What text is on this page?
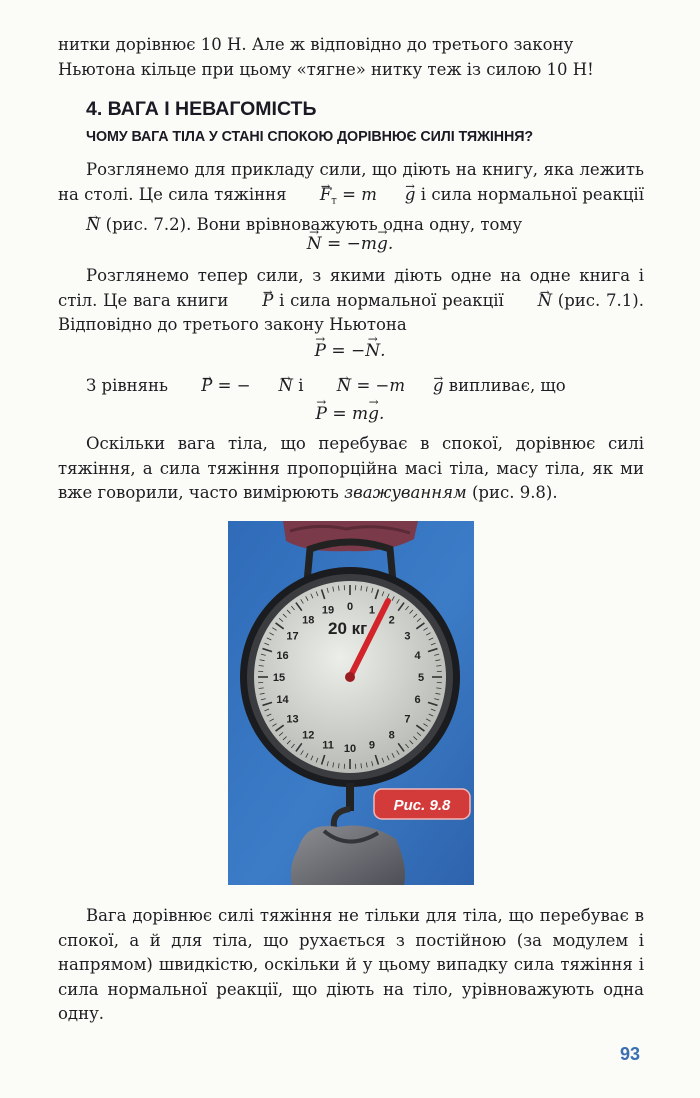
нитки дорівнює 10 Н. Але ж відповідно до третього закону
Ньютона кільце при цьому «тягне» нитку теж із силою 10 Н!

4. ВАГА І НЕВАГОМІСТЬ
ЧОМУ ВАГА ТІЛА У СТАНІ СПОКОЮ ДОРІВНЮЄ СИЛІ ТЯЖІННЯ?

Розглянемо для прикладу сили, що діють на книгу, яка лежить на столі. Це сила тяжіння → $F_т = m \to g$ і сила нормальної реакції → N (рис. 7.2). Вони врівноважують одна одну, тому

→ N = −m→ g.

Розглянемо тепер сили, з якими діють одне на одне книга і стіл. Це вага книги → P і сила нормальної реакції → N (рис. 7.1). Відповідно до третього закону Ньютона

→ P = −→ N.

З рівнянь → P = − → N і → N = −m → g випливає, що

→ P = m→ g.

Оскільки вага тіла, що перебуває в спокої, дорівнює силі тяжіння, а сила тяжіння пропорційна масі тіла, масу тіла, як ми вже говорили, часто вимірюють зважуванням (рис. 9.8).

0 1
2
3
4
5
6
7
8
9
10
11
12
13
14
15
16
17
18
19
20 кг
Рис. 9.8

Вага дорівнює силі тяжіння не тільки для тіла, що перебуває в спокої, а й для тіла, що рухається з постійною (за модулем і напрямом) швидкістю, оскільки й у цьому випадку сила тяжіння і сила нормальної реакції, що діють на тіло, урівноважують одна одну.

93
